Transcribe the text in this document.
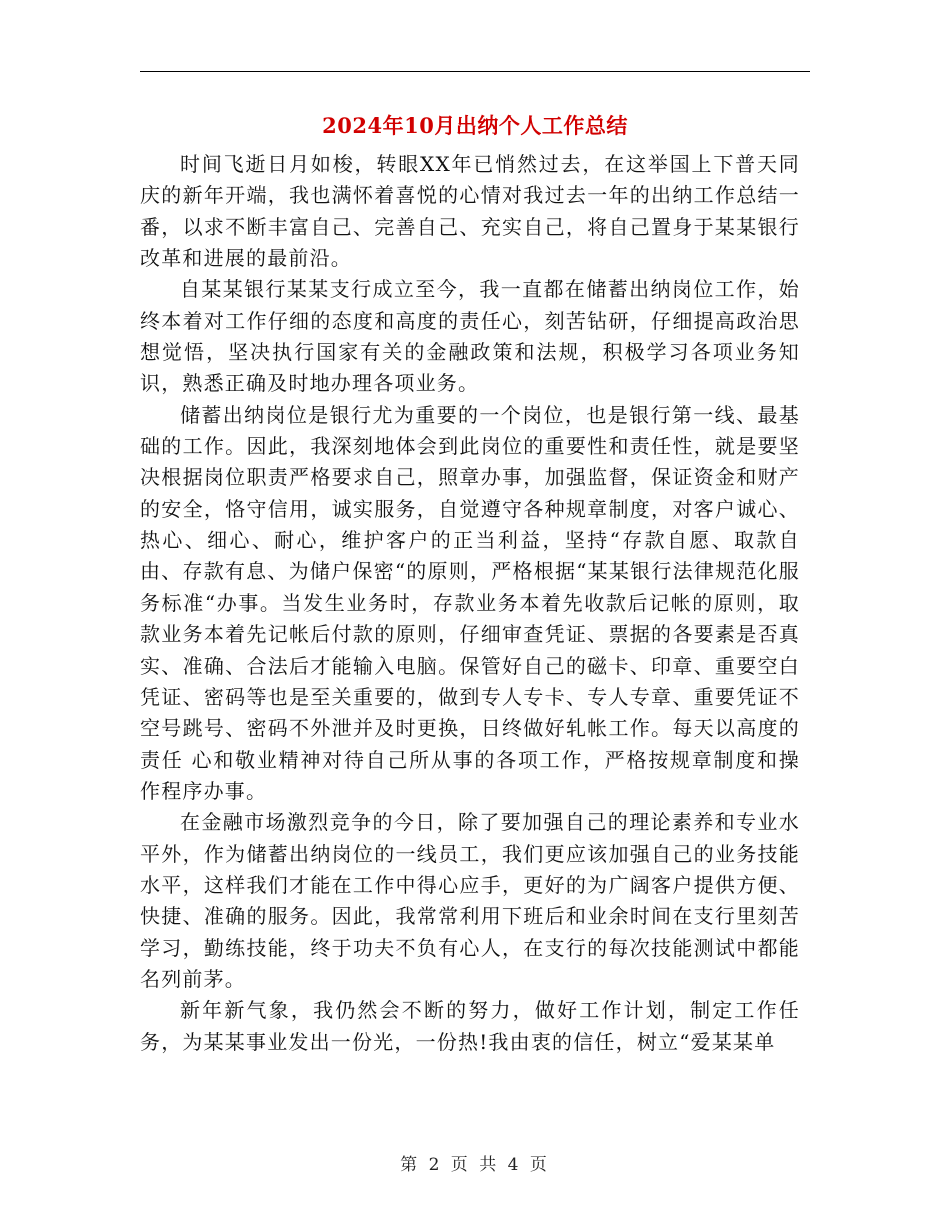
2024年10月出纳个人工作总结

时间飞逝日月如梭，转眼XX年已悄然过去，在这举国上下普天同庆的新年开端，我也满怀着喜悦的心情对我过去一年的出纳工作总结一番，以求不断丰富自己、完善自己、充实自己，将自己置身于某某银行改革和进展的最前沿。

自某某银行某某支行成立至今，我一直都在储蓄出纳岗位工作，始终本着对工作仔细的态度和高度的责任心，刻苦钻研，仔细提高政治思想觉悟，坚决执行国家有关的金融政策和法规，积极学习各项业务知识，熟悉正确及时地办理各项业务。

储蓄出纳岗位是银行尤为重要的一个岗位，也是银行第一线、最基础的工作。因此，我深刻地体会到此岗位的重要性和责任性，就是要坚决根据岗位职责严格要求自己，照章办事，加强监督，保证资金和财产的安全，恪守信用，诚实服务，自觉遵守各种规章制度，对客户诚心、热心、细心、耐心，维护客户的正当利益，坚持“存款自愿、取款自由、存款有息、为储户保密“的原则，严格根据“某某银行法律规范化服务标准“办事。当发生业务时，存款业务本着先收款后记帐的原则，取款业务本着先记帐后付款的原则，仔细审查凭证、票据的各要素是否真实、准确、合法后才能输入电脑。保管好自己的磁卡、印章、重要空白凭证、密码等也是至关重要的，做到专人专卡、专人专章、重要凭证不空号跳号、密码不外泄并及时更换，日终做好轧帐工作。每天以高度的责任 心和敬业精神对待自己所从事的各项工作，严格按规章制度和操作程序办事。

在金融市场激烈竞争的今日，除了要加强自己的理论素养和专业水平外，作为储蓄出纳岗位的一线员工，我们更应该加强自己的业务技能水平，这样我们才能在工作中得心应手，更好的为广阔客户提供方便、快捷、准确的服务。因此，我常常利用下班后和业余时间在支行里刻苦学习，勤练技能，终于功夫不负有心人，在支行的每次技能测试中都能名列前茅。

新年新气象，我仍然会不断的努力，做好工作计划，制定工作任务，为某某事业发出一份光，一份热!我由衷的信任，树立“爱某某单

第 2 页 共 4 页
